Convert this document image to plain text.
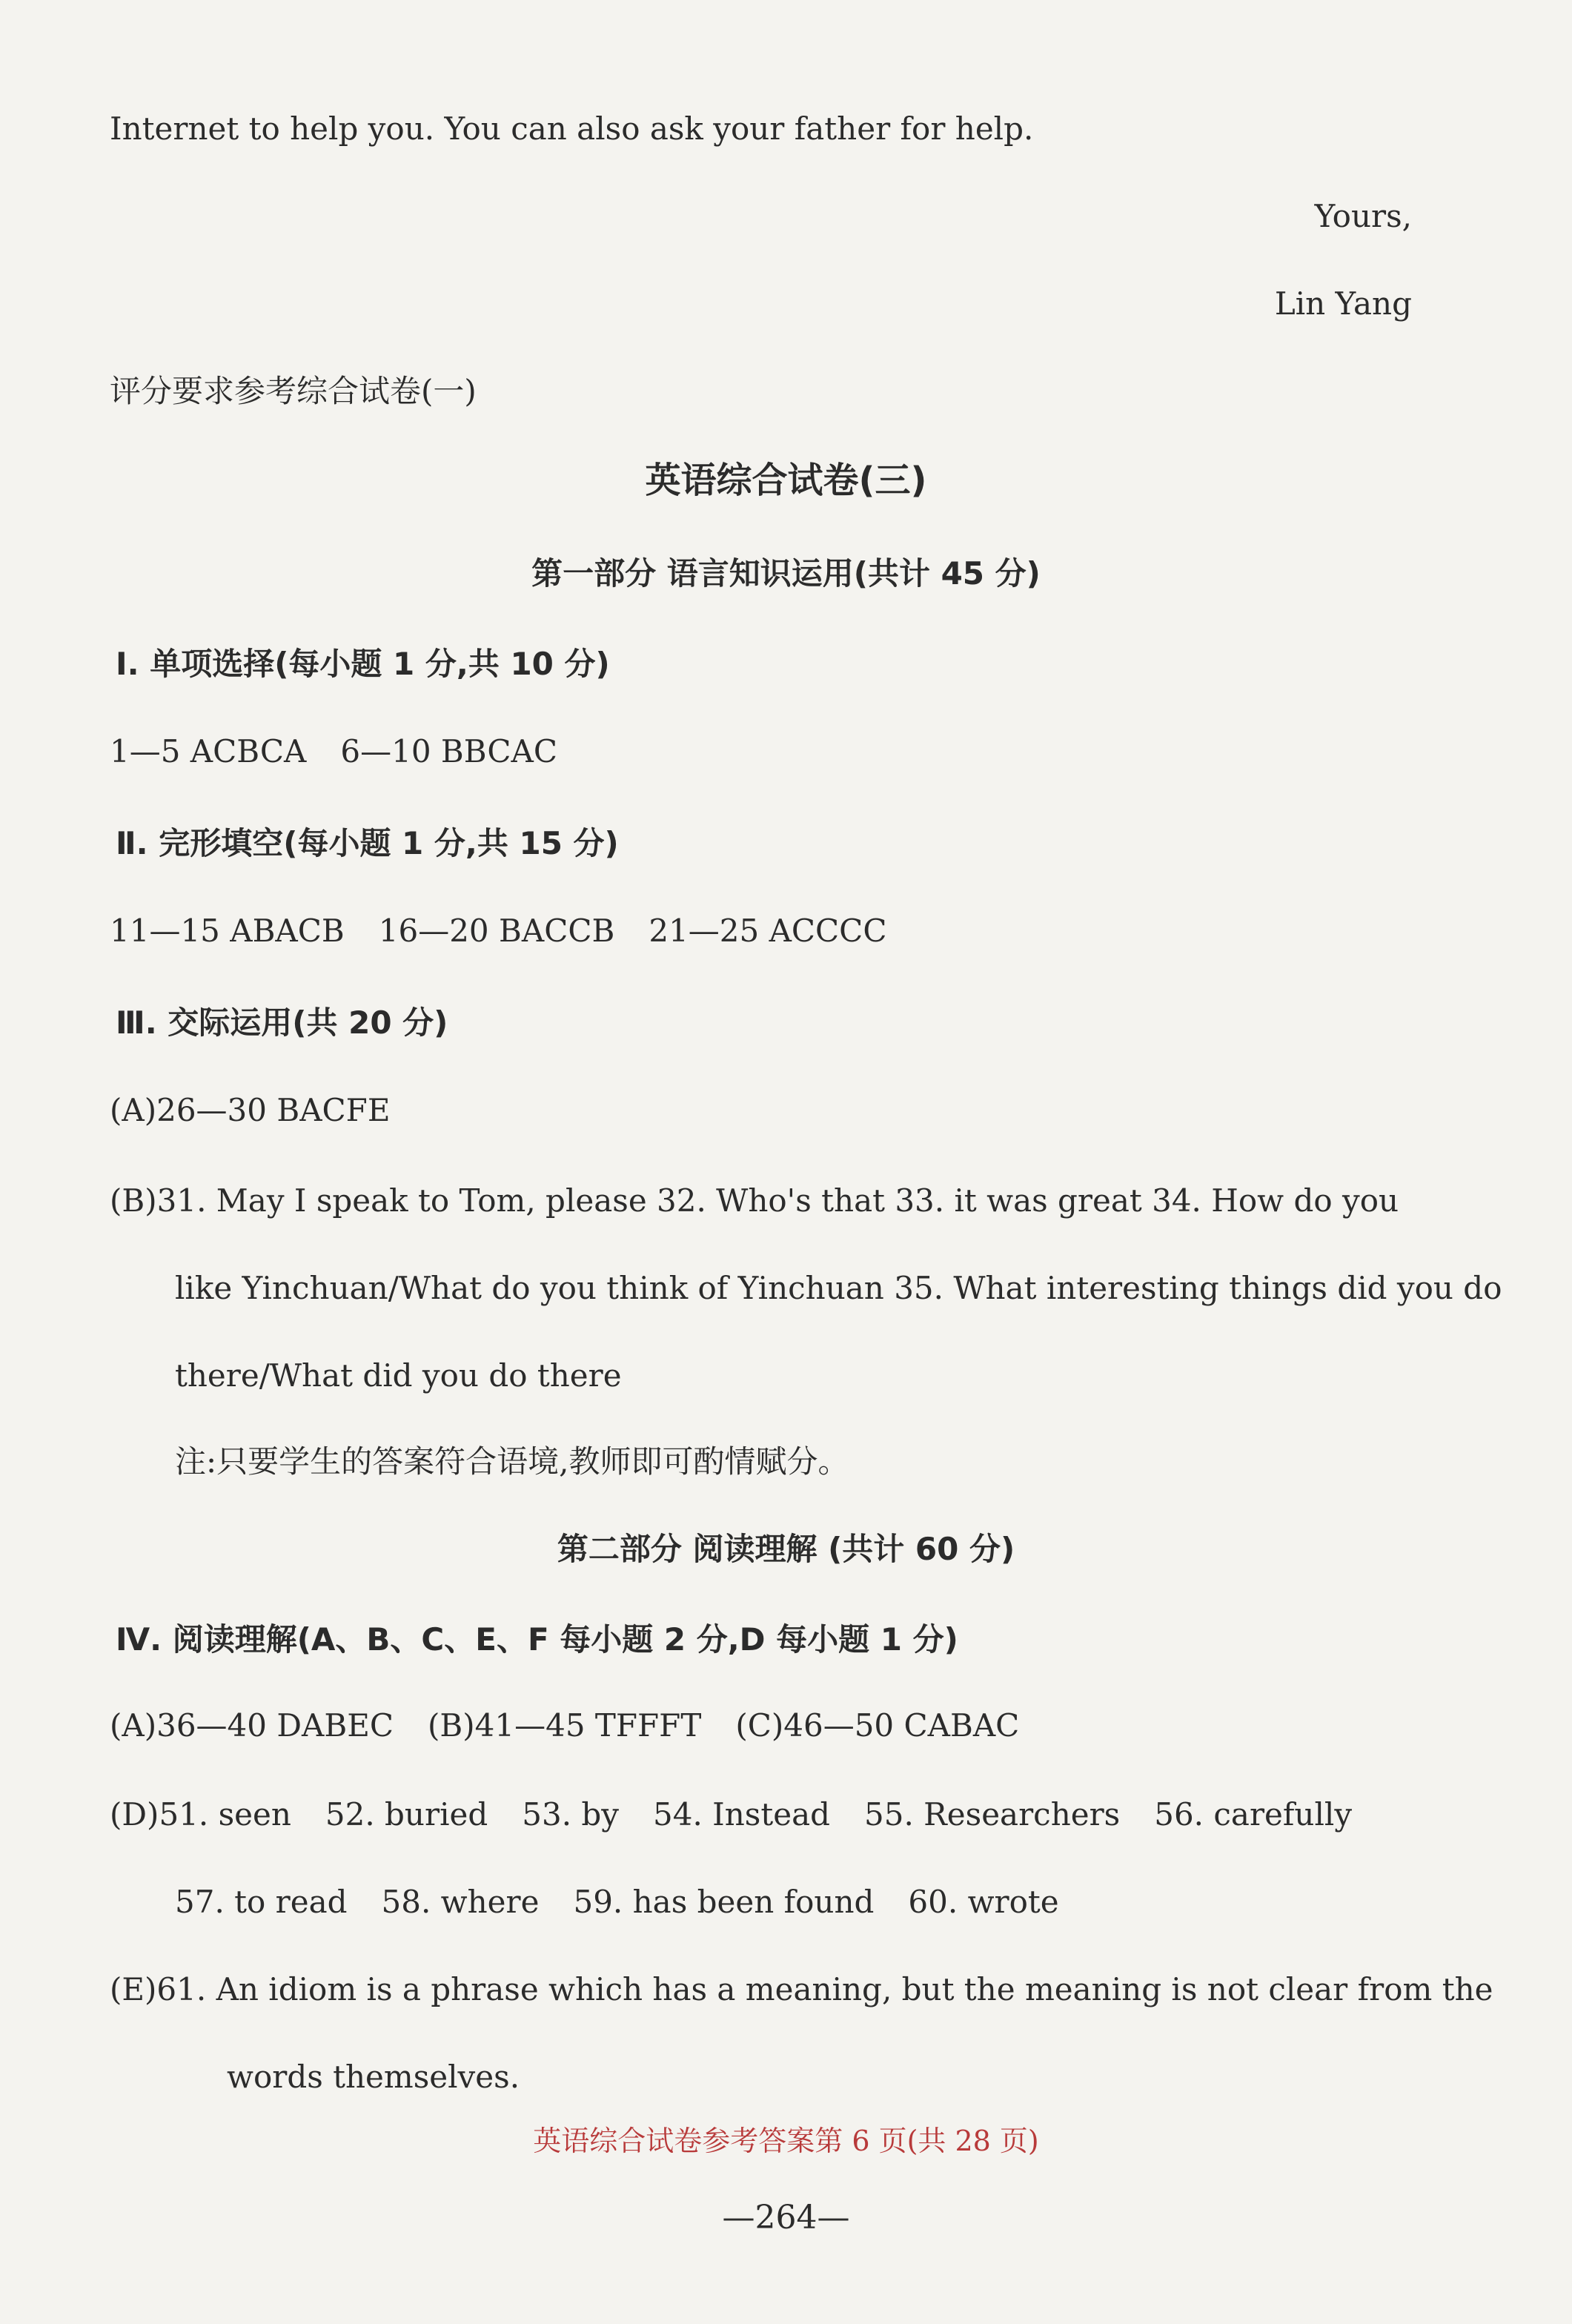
Internet to help you. You can also ask your father for help.
Yours,
Lin Yang
评分要求参考综合试卷(一)
英语综合试卷(三)
第一部分 语言知识运用(共计 45 分)
Ⅰ. 单项选择(每小题 1 分,共 10 分)
1—5 ACBCA 6—10 BBCAC
Ⅱ. 完形填空(每小题 1 分,共 15 分)
11—15 ABACB 16—20 BACCB 21—25 ACCCC
Ⅲ. 交际运用(共 20 分)
(A)26—30 BACFE
(B)31. May I speak to Tom, please 32. Who's that 33. it was great 34. How do you
like Yinchuan/What do you think of Yinchuan 35. What interesting things did you do
there/What did you do there
注:只要学生的答案符合语境,教师即可酌情赋分。
第二部分 阅读理解 (共计 60 分)
Ⅳ. 阅读理解(A、B、C、E、F 每小题 2 分,D 每小题 1 分)
(A)36—40 DABEC (B)41—45 TFFFT (C)46—50 CABAC
(D)51. seen 52. buried 53. by 54. Instead 55. Researchers 56. carefully
57. to read 58. where 59. has been found 60. wrote
(E)61. An idiom is a phrase which has a meaning, but the meaning is not clear from the
words themselves.
英语综合试卷参考答案第 6 页(共 28 页)
—264—
